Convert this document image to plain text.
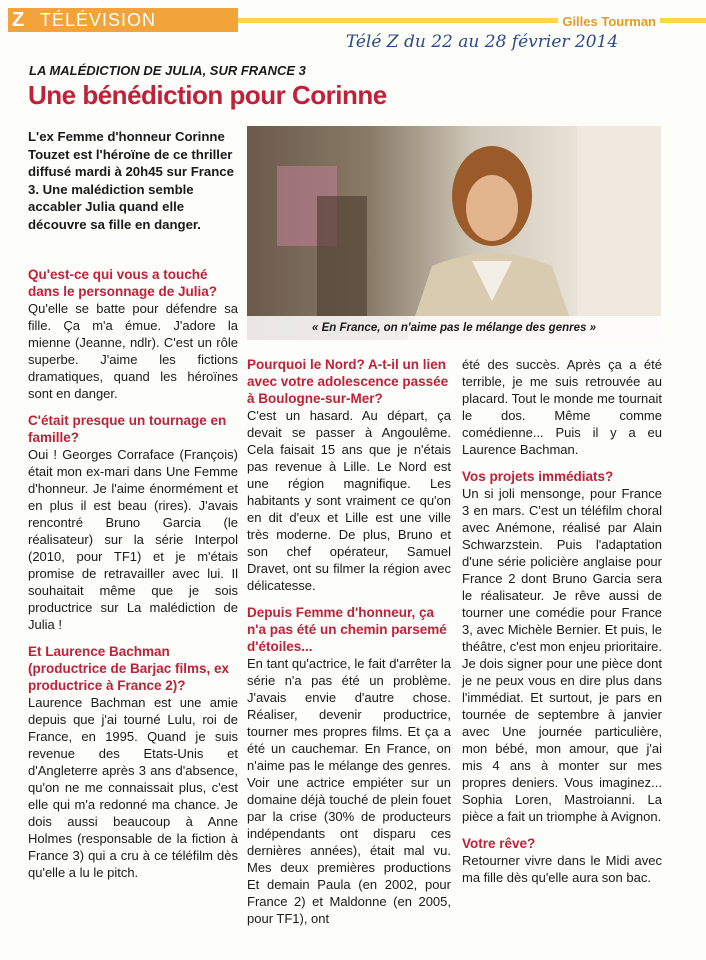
Z TÉLÉVISION	Gilles Tourman
Télé Z du 22 au 28 février 2014
LA MALÉDICTION DE JULIA, SUR FRANCE 3
Une bénédiction pour Corinne
L'ex Femme d'honneur Corinne Touzet est l'héroïne de ce thriller diffusé mardi à 20h45 sur France 3. Une malédiction semble accabler Julia quand elle découvre sa fille en danger.
« En France, on n'aime pas le mélange des genres »
Qu'est-ce qui vous a touché dans le personnage de Julia?

Qu'elle se batte pour défendre sa fille. Ça m'a émue. J'adore la mienne (Jeanne, ndlr). C'est un rôle superbe. J'aime les fictions dramatiques, quand les héroïnes sont en danger.

C'était presque un tournage en famille?

Oui ! Georges Corraface (François) était mon ex-mari dans Une Femme d'honneur. Je l'aime énormément et en plus il est beau (rires). J'avais rencontré Bruno Garcia (le réalisateur) sur la série Interpol (2010, pour TF1) et je m'étais promise de retravailler avec lui. Il souhaitait même que je sois productrice sur La malédiction de Julia !

Et Laurence Bachman (productrice de Barjac films, ex productrice à France 2)?

Laurence Bachman est une amie depuis que j'ai tourné Lulu, roi de France, en 1995. Quand je suis revenue des Etats-Unis et d'Angleterre après 3 ans d'absence, qu'on ne me connaissait plus, c'est elle qui m'a redonné ma chance. Je dois aussi beaucoup à Anne Holmes (responsable de la fiction à France 3) qui a cru à ce téléfilm dès qu'elle a lu le pitch.

Pourquoi le Nord? A-t-il un lien avec votre adolescence passée à Boulogne-sur-Mer?

C'est un hasard. Au départ, ça devait se passer à Angoulême. Cela faisait 15 ans que je n'étais pas revenue à Lille. Le Nord est une région magnifique. Les habitants y sont vraiment ce qu'on en dit d'eux et Lille est une ville très moderne. De plus, Bruno et son chef opérateur, Samuel Dravet, ont su filmer la région avec délicatesse.

Depuis Femme d'honneur, ça n'a pas été un chemin parsemé d'étoiles...

En tant qu'actrice, le fait d'arrêter la série n'a pas été un problème. J'avais envie d'autre chose. Réaliser, devenir productrice, tourner mes propres films. Et ça a été un cauchemar. En France, on n'aime pas le mélange des genres. Voir une actrice empiéter sur un domaine déjà touché de plein fouet par la crise (30% de producteurs indépendants ont disparu ces dernières années), était mal vu. Mes deux premières productions Et demain Paula (en 2002, pour France 2) et Maldonne (en 2005, pour TF1), ont

été des succès. Après ça a été terrible, je me suis retrouvée au placard. Tout le monde me tournait le dos. Même comme comédienne... Puis il y a eu Laurence Bachman.

Vos projets immédiats?

Un si joli mensonge, pour France 3 en mars. C'est un téléfilm choral avec Anémone, réalisé par Alain Schwarzstein. Puis l'adaptation d'une série policière anglaise pour France 2 dont Bruno Garcia sera le réalisateur. Je rêve aussi de tourner une comédie pour France 3, avec Michèle Bernier. Et puis, le théâtre, c'est mon enjeu prioritaire. Je dois signer pour une pièce dont je ne peux vous en dire plus dans l'immédiat. Et surtout, je pars en tournée de septembre à janvier avec Une journée particulière, mon bébé, mon amour, que j'ai mis 4 ans à monter sur mes propres deniers. Vous imaginez... Sophia Loren, Mastroianni. La pièce a fait un triomphe à Avignon.

Votre rêve?

Retourner vivre dans le Midi avec ma fille dès qu'elle aura son bac.
